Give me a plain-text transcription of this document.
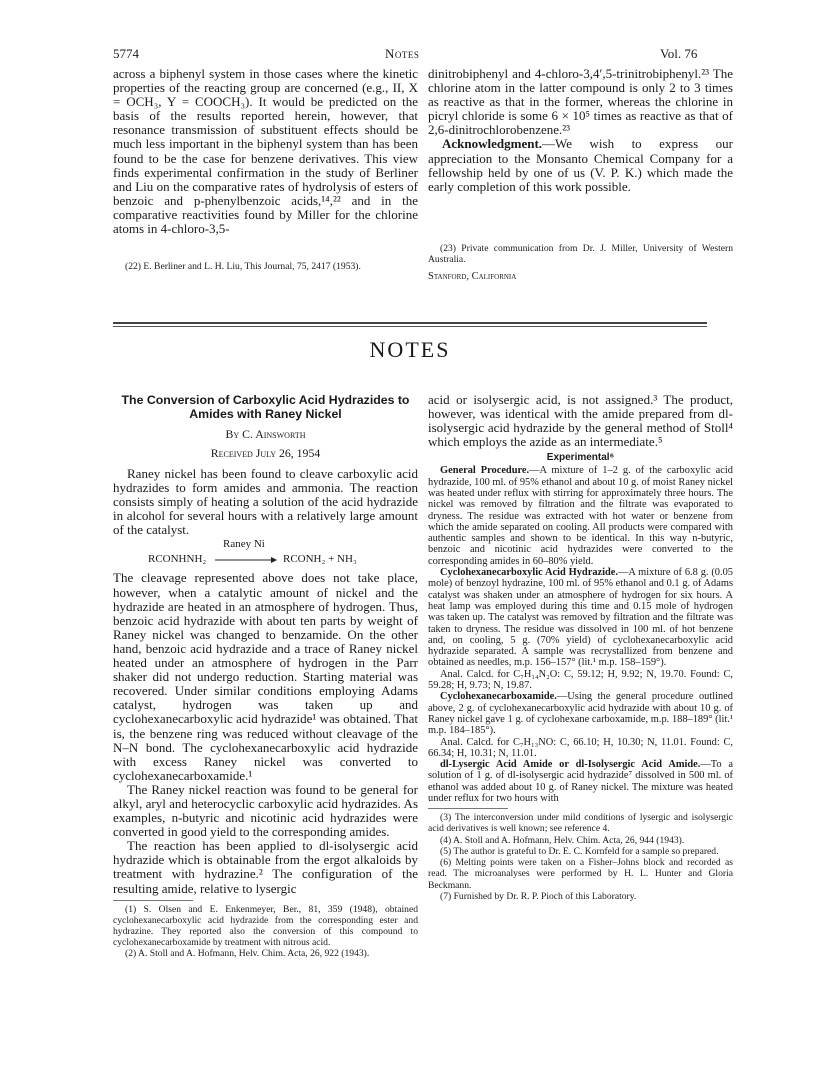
5774	Notes	Vol. 76

across a biphenyl system in those cases where the kinetic properties of the reacting group are concerned (e.g., II, X = OCH₃, Y = COOCH₃). It would be predicted on the basis of the results reported herein, however, that resonance transmission of substituent effects should be much less important in the biphenyl system than has been found to be the case for benzene derivatives. This view finds experimental confirmation in the study of Berliner and Liu on the comparative rates of hydrolysis of esters of benzoic and p-phenylbenzoic acids,¹⁴,²² and in the comparative reactivities found by Miller for the chlorine atoms in 4-chloro-3,5-

(22) E. Berliner and L. H. Liu, This Journal, 75, 2417 (1953).

dinitrobiphenyl and 4-chloro-3,4′,5-trinitrobiphenyl.²³ The chlorine atom in the latter compound is only 2 to 3 times as reactive as that in the former, whereas the chlorine in picryl chloride is some 6 × 10⁵ times as reactive as that of 2,6-dinitrochlorobenzene.²³

Acknowledgment.—We wish to express our appreciation to the Monsanto Chemical Company for a fellowship held by one of us (V. P. K.) which made the early completion of this work possible.

(23) Private communication from Dr. J. Miller, University of Western Australia.

Stanford, California
NOTES
The Conversion of Carboxylic Acid Hydrazides to Amides with Raney Nickel
By C. Ainsworth
Received July 26, 1954

Raney nickel has been found to cleave carboxylic acid hydrazides to form amides and ammonia. The reaction consists simply of heating a solution of the acid hydrazide in alcohol for several hours with a relatively large amount of the catalyst.

Raney Ni
RCONHNH₂ → RCONH₂ + NH₃

The cleavage represented above does not take place, however, when a catalytic amount of nickel and the hydrazide are heated in an atmosphere of hydrogen. Thus, benzoic acid hydrazide with about ten parts by weight of Raney nickel was changed to benzamide. On the other hand, benzoic acid hydrazide and a trace of Raney nickel heated under an atmosphere of hydrogen in the Parr shaker did not undergo reduction. Starting material was recovered. Under similar conditions employing Adams catalyst, hydrogen was taken up and cyclohexanecarboxylic acid hydrazide¹ was obtained. That is, the benzene ring was reduced without cleavage of the N–N bond. The cyclohexanecarboxylic acid hydrazide with excess Raney nickel was converted to cyclohexanecarboxamide.¹

The Raney nickel reaction was found to be general for alkyl, aryl and heterocyclic carboxylic acid hydrazides. As examples, n-butyric and nicotinic acid hydrazides were converted in good yield to the corresponding amides.

The reaction has been applied to dl-isolysergic acid hydrazide which is obtainable from the ergot alkaloids by treatment with hydrazine.² The configuration of the resulting amide, relative to lysergic

(1) S. Olsen and E. Enkenmeyer, Ber., 81, 359 (1948), obtained cyclohexanecarboxylic acid hydrazide from the corresponding ester and hydrazine. They reported also the conversion of this compound to cyclohexanecarboxamide by treatment with nitrous acid.

(2) A. Stoll and A. Hofmann, Helv. Chim. Acta, 26, 922 (1943).

acid or isolysergic acid, is not assigned.³ The product, however, was identical with the amide prepared from dl-isolysergic acid hydrazide by the general method of Stoll⁴ which employs the azide as an intermediate.⁵

Experimental⁶

General Procedure.—A mixture of 1–2 g. of the carboxylic acid hydrazide, 100 ml. of 95% ethanol and about 10 g. of moist Raney nickel was heated under reflux with stirring for approximately three hours. The nickel was removed by filtration and the filtrate was evaporated to dryness. The residue was extracted with hot water or benzene from which the amide separated on cooling. All products were compared with authentic samples and shown to be identical. In this way n-butyric, benzoic and nicotinic acid hydrazides were converted to the corresponding amides in 60–80% yield.

Cyclohexanecarboxylic Acid Hydrazide.—A mixture of 6.8 g. (0.05 mole) of benzoyl hydrazine, 100 ml. of 95% ethanol and 0.1 g. of Adams catalyst was shaken under an atmosphere of hydrogen for six hours. A heat lamp was employed during this time and 0.15 mole of hydrogen was taken up. The catalyst was removed by filtration and the filtrate was taken to dryness. The residue was dissolved in 100 ml. of hot benzene and, on cooling, 5 g. (70% yield) of cyclohexanecarboxylic acid hydrazide separated. A sample was recrystallized from benzene and obtained as needles, m.p. 156–157° (lit.¹ m.p. 158–159°).

Anal. Calcd. for C₇H₁₄N₂O: C, 59.12; H, 9.92; N, 19.70. Found: C, 59.28; H, 9.73; N, 19.87.

Cyclohexanecarboxamide.—Using the general procedure outlined above, 2 g. of cyclohexanecarboxylic acid hydrazide with about 10 g. of Raney nickel gave 1 g. of cyclohexane carboxamide, m.p. 188–189° (lit.¹ m.p. 184–185°).

Anal. Calcd. for C₇H₁₃NO: C, 66.10; H, 10.30; N, 11.01. Found: C, 66.34; H, 10.31; N, 11.01.

dl-Lysergic Acid Amide or dl-Isolysergic Acid Amide.—To a solution of 1 g. of dl-isolysergic acid hydrazide⁷ dissolved in 500 ml. of ethanol was added about 10 g. of Raney nickel. The mixture was heated under reflux for two hours with

(3) The interconversion under mild conditions of lysergic and isolysergic acid derivatives is well known; see reference 4.

(4) A. Stoll and A. Hofmann, Helv. Chim. Acta, 26, 944 (1943).

(5) The author is grateful to Dr. E. C. Kornfeld for a sample so prepared.

(6) Melting points were taken on a Fisher–Johns block and recorded as read. The microanalyses were performed by H. L. Hunter and Gloria Beckmann.

(7) Furnished by Dr. R. P. Pioch of this Laboratory.
